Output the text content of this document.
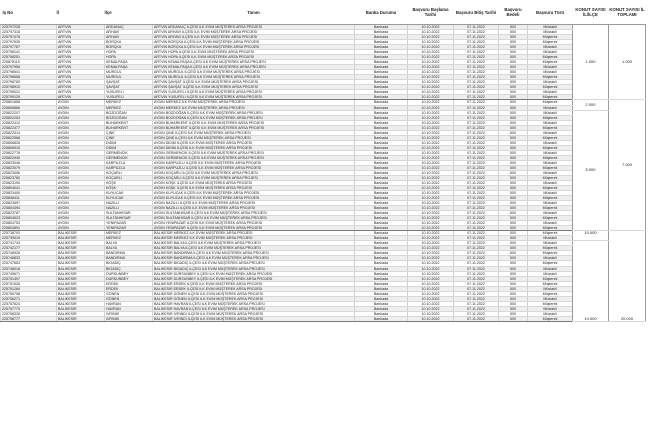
İş No	İl	İlçe	Tanım	Banka Durumu	Başvuru Başlama Tarihi	Başvuru Bitiş Tarihi	Başvuru Bedeli	Başvuru Türü	KONUT SAYISI İL/İLÇE	KONUT SAYISI İL TOPLAMI
225797226	ARTVİN	ARDANUÇ	ARTVİN ARDANUÇ İLÇESİ İLK EVİM MÜŞTEREK ARSA PROJESİ	Bankada	10.10.2022	07.11.2022	500	Müstakil	1.000	1.000
225797318	ARTVİN	ARHAVİ	ARTVİN ARHAVİ İLÇESİ İLK EVİM MÜŞTEREK ARSA PROJESİ	Bankada	10.10.2022	07.11.2022	500	Müstakil		
225797478	ARTVİN	ARHAVİ	ARTVİN ARHAVİ İLÇESİ İLK EVİM MÜŞTEREK ARSA PROJESİ	Bankada	10.10.2022	07.11.2022	500	Müşterek		
225797635	ARTVİN	BORÇKA	ARTVİN BORÇKA İLÇESİ İLK EVİM MÜŞTEREK ARSA PROJESİ	Bankada	10.10.2022	07.11.2022	500	Müşterek		
225797767	ARTVİN	BORÇKA	ARTVİN BORÇKA İLÇESİ İLK EVİM MÜŞTEREK ARSA PROJESİ	Bankada	10.10.2022	07.11.2022	500	Müstakil		
225798141	ARTVİN	HOPA	ARTVİN HOPA İLÇESİ İLK EVİM MÜŞTEREK ARSA PROJESİ	Bankada	10.10.2022	07.11.2022	500	Müstakil		
225798251	ARTVİN	HOPA	ARTVİN HOPA İLÇESİ İLK EVİM MÜŞTEREK ARSA PROJESİ	Bankada	10.10.2022	07.11.2022	500	Müşterek		
225875119	ARTVİN	KEMALPAŞA	ARTVİN KEMALPAŞA İLÇESİ İLK EVİM MÜŞTEREK ARSA PROJESİ	Bankada	10.10.2022	07.11.2022	500	Müşterek		
225797955	ARTVİN	KEMALPAŞA	ARTVİN KEMALPAŞA İLÇESİ İLK EVİM MÜŞTEREK ARSA PROJESİ	Bankada	10.10.2022	07.11.2022	500	Müstakil		
225798541	ARTVİN	MURGUL	ARTVİN MURGUL İLÇESİ İLK EVİM MÜŞTEREK ARSA PROJESİ	Bankada	10.10.2022	07.11.2022	500	Müstakil		
225798658	ARTVİN	MURGUL	ARTVİN MURGUL İLÇESİ İLK EVİM MÜŞTEREK ARSA PROJESİ	Bankada	10.10.2022	07.11.2022	500	Müşterek		
225798783	ARTVİN	ŞAVŞAT	ARTVİN ŞAVŞAT İLÇESİ İLK EVİM MÜŞTEREK ARSA PROJESİ	Bankada	10.10.2022	07.11.2022	500	Müstakil		
225798910	ARTVİN	ŞAVŞAT	ARTVİN ŞAVŞAT İLÇESİ İLK EVİM MÜŞTEREK ARSA PROJESİ	Bankada	10.10.2022	07.11.2022	500	Müşterek		
225799021	ARTVİN	YUSUFELİ	ARTVİN YUSUFELİ İLÇESİ İLK EVİM MÜŞTEREK ARSA PROJESİ	Bankada	10.10.2022	07.11.2022	500	Müstakil		
225799129	ARTVİN	YUSUFELİ	ARTVİN YUSUFELİ İLÇESİ İLK EVİM MÜŞTEREK ARSA PROJESİ	Bankada	10.10.2022	07.11.2022	500	Müşterek		
225801658	AYDIN	MERKEZ	AYDIN MERKEZ İLK EVİM MÜŞTEREK ARSA PROJESİ	Bankada	10.10.2022	07.11.2022	500	Müşterek	2.000	7.000
225806866	AYDIN	MERKEZ	AYDIN MERKEZ İLK EVİM MÜŞTEREK ARSA PROJESİ	Bankada	10.10.2022	07.11.2022	500	Müstakil		
225822207	AYDIN	BOZDOĞAN	AYDIN BOZDOĞAN İLÇESİ İLK EVİM MÜŞTEREK ARSA PROJESİ	Bankada	10.10.2022	07.11.2022	500	Müstakil	5.000	
225822253	AYDIN	BOZDOĞAN	AYDIN BOZDOĞAN İLÇESİ İLK EVİM MÜŞTEREK ARSA PROJESİ	Bankada	10.10.2022	07.11.2022	500	Müşterek		
225822412	AYDIN	BUHARKENT	AYDIN BUHARKENT İLÇESİ İLK EVİM MÜŞTEREK ARSA PROJESİ	Bankada	10.10.2022	07.11.2022	500	Müstakil		
225822477	AYDIN	BUHARKENT	AYDIN BUHARKENT İLÇESİ İLK EVİM MÜŞTEREK ARSA PROJESİ	Bankada	10.10.2022	07.11.2022	500	Müşterek		
225822514	AYDIN	ÇİNE	AYDIN ÇİNE İLÇESİ İLK EVİM MÜŞTEREK ARSA PROJESİ	Bankada	10.10.2022	07.11.2022	500	Müstakil		
225822568	AYDIN	ÇİNE	AYDIN ÇİNE İLÇESİ İLK EVİM MÜŞTEREK ARSA PROJESİ	Bankada	10.10.2022	07.11.2022	500	Müşterek		
225806826	AYDIN	DİDİM	AYDIN DİDİM İLÇESİ İLK EVİM MÜŞTEREK ARSA PROJESİ	Bankada	10.10.2022	07.11.2022	500	Müstakil		
225806915	AYDIN	DİDİM	AYDIN DİDİM İLÇESİ İLK EVİM MÜŞTEREK ARSA PROJESİ	Bankada	10.10.2022	07.11.2022	500	Müşterek		
225822778	AYDIN	GERMENCİK	AYDIN GERMENCİK İLÇESİ İLK EVİM MÜŞTEREK ARSA PROJESİ	Bankada	10.10.2022	07.11.2022	500	Müstakil		
225822940	AYDIN	GERMENCİK	AYDIN GERMENCİK İLÇESİ İLK EVİM MÜŞTEREK ARSA PROJESİ	Bankada	10.10.2022	07.11.2022	500	Müşterek		
225823046	AYDIN	KARPUZLU	AYDIN KARPUZLU İLÇESİ İLK EVİM MÜŞTEREK ARSA PROJESİ	Bankada	10.10.2022	07.11.2022	500	Müstakil		
225823079	AYDIN	KARPUZLU	AYDIN KARPUZLU İLÇESİ İLK EVİM MÜŞTEREK ARSA PROJESİ	Bankada	10.10.2022	07.11.2022	500	Müşterek		
225823096	AYDIN	KOÇARLI	AYDIN KOÇARLI İLÇESİ İLK EVİM MÜŞTEREK ARSA PROJESİ	Bankada	10.10.2022	07.11.2022	500	Müstakil		
225823780	AYDIN	KOÇARLI	AYDIN KOÇARLI İLÇESİ İLK EVİM MÜŞTEREK ARSA PROJESİ	Bankada	10.10.2022	07.11.2022	500	Müşterek		
225823190	AYDIN	KÖŞK	AYDIN KÖŞK İLÇESİ İLK EVİM MÜŞTEREK ARSA PROJESİ	Bankada	10.10.2022	07.11.2022	500	Müstakil		
225804041	AYDIN	KÖŞK	AYDIN KÖŞK İLÇESİ İLK EVİM MÜŞTEREK ARSA PROJESİ	Bankada	10.10.2022	07.11.2022	500	Müşterek		
225823400	AYDIN	KUYUCAK	AYDIN KUYUCAK İLÇESİ İLK EVİM MÜŞTEREK ARSA PROJESİ	Bankada	10.10.2022	07.11.2022	500	Müstakil		
225806411	AYDIN	KUYUCAK	AYDIN KUYUCAK İLÇESİ İLK EVİM MÜŞTEREK ARSA PROJESİ	Bankada	10.10.2022	07.11.2022	500	Müşterek		
225823697	AYDIN	NAZİLLİ	AYDIN NAZİLLİ İLÇESİ İLK EVİM MÜŞTEREK ARSA PROJESİ	Bankada	10.10.2022	07.11.2022	500	Müstakil		
225804394	AYDIN	NAZİLLİ	AYDIN NAZİLLİ İLÇESİ İLK EVİM MÜŞTEREK ARSA PROJESİ	Bankada	10.10.2022	07.11.2022	500	Müşterek		
225823787	AYDIN	SULTANHİSAR	AYDIN SULTANHİSAR İLÇESİ İLK EVİM MÜŞTEREK ARSA PROJESİ	Bankada	10.10.2022	07.11.2022	500	Müstakil		
225804623	AYDIN	SULTANHİSAR	AYDIN SULTANHİSAR İLÇESİ İLK EVİM MÜŞTEREK ARSA PROJESİ	Bankada	10.10.2022	07.11.2022	500	Müşterek		
225804753	AYDIN	YENİPAZAR	AYDIN YENİPAZAR İLÇESİ İLK EVİM MÜŞTEREK ARSA PROJESİ	Bankada	10.10.2022	07.11.2022	500	Müstakil		
225804891	AYDIN	YENİPAZAR	AYDIN YENİPAZAR İLÇESİ İLK EVİM MÜŞTEREK ARSA PROJESİ	Bankada	10.10.2022	07.11.2022	500	Müşterek		
225738793	BALIKESİR	MERKEZ	BALIKESİR MERKEZ İLK EVİM MÜŞTEREK ARSA PROJESİ	Bankada	10.10.2022	07.11.2022	500	Müşterek	10.000	20.000
225739019	BALIKESİR	MERKEZ	BALIKESİR MERKEZ İLK EVİM MÜŞTEREK ARSA PROJESİ	Bankada	10.10.2022	07.11.2022	500	Müstakil		
225741743	BALIKESİR	BALYA	BALIKESİR BALYA İLÇESİ İLK EVİM MÜŞTEREK ARSA PROJESİ	Bankada	10.10.2022	07.11.2022	500	Müstakil	10.000	
225742177	BALIKESİR	BALYA	BALIKESİR BALYA İLÇESİ İLK EVİM MÜŞTEREK ARSA PROJESİ	Bankada	10.10.2022	07.11.2022	500	Müşterek		
225746528	BALIKESİR	BANDIRMA	BALIKESİR BANDIRMA İLÇESİ İLK EVİM MÜŞTEREK ARSA PROJESİ	Bankada	10.10.2022	07.11.2022	500	Müşterek		
225746833	BALIKESİR	BANDIRMA	BALIKESİR BANDIRMA İLÇESİ İLK EVİM MÜŞTEREK ARSA PROJESİ	Bankada	10.10.2022	07.11.2022	500	Müstakil		
225747663	BALIKESİR	BİGADİÇ	BALIKESİR BİGADİÇ İLÇESİ İLK EVİM MÜŞTEREK ARSA PROJESİ	Bankada	10.10.2022	07.11.2022	500	Müşterek		
225748016	BALIKESİR	BİGADİÇ	BALIKESİR BİGADİÇ İLÇESİ İLK EVİM MÜŞTEREK ARSA PROJESİ	Bankada	10.10.2022	07.11.2022	500	Müstakil		
225749671	BALIKESİR	DURSUNBEY	BALIKESİR DURSUNBEY İLÇESİ İLK EVİM MÜŞTEREK ARSA PROJESİ	Bankada	10.10.2022	07.11.2022	500	Müstakil		
225751497	BALIKESİR	DURSUNBEY	BALIKESİR DURSUNBEY İLÇESİ İLK EVİM MÜŞTEREK ARSA PROJESİ	Bankada	10.10.2022	07.11.2022	500	Müşterek		
225751026	BALIKESİR	ERDEK	BALIKESİR ERDEK İLÇESİ İLK EVİM MÜŞTEREK ARSA PROJESİ	Bankada	10.10.2022	07.11.2022	500	Müşterek		
225751264	BALIKESİR	ERDEK	BALIKESİR ERDEK İLÇESİ İLK EVİM MÜŞTEREK ARSA PROJESİ	Bankada	10.10.2022	07.11.2022	500	Müstakil		
225755798	BALIKESİR	GÖNEN	BALIKESİR GÖNEN İLÇESİ İLK EVİM MÜŞTEREK ARSA PROJESİ	Bankada	10.10.2022	07.11.2022	500	Müşterek		
225756271	BALIKESİR	GÖNEN	BALIKESİR GÖNEN İLÇESİ İLK EVİM MÜŞTEREK ARSA PROJESİ	Bankada	10.10.2022	07.11.2022	500	Müstakil		
225757624	BALIKESİR	HAVRAN	BALIKESİR HAVRAN İLÇESİ İLK EVİM MÜŞTEREK ARSA PROJESİ	Bankada	10.10.2022	07.11.2022	500	Müşterek		
225757770	BALIKESİR	HAVRAN	BALIKESİR HAVRAN İLÇESİ İLK EVİM MÜŞTEREK ARSA PROJESİ	Bankada	10.10.2022	07.11.2022	500	Müstakil		
225758326	BALIKESİR	İVRİNDİ	BALIKESİR İVRİNDİ İLÇESİ İLK EVİM MÜŞTEREK ARSA PROJESİ	Bankada	10.10.2022	07.11.2022	500	Müstakil		
225758777	BALIKESİR	İVRİNDİ	BALIKESİR İVRİNDİ İLÇESİ İLK EVİM MÜŞTEREK ARSA PROJESİ	Bankada	10.10.2022	07.11.2022	500	Müşterek		
